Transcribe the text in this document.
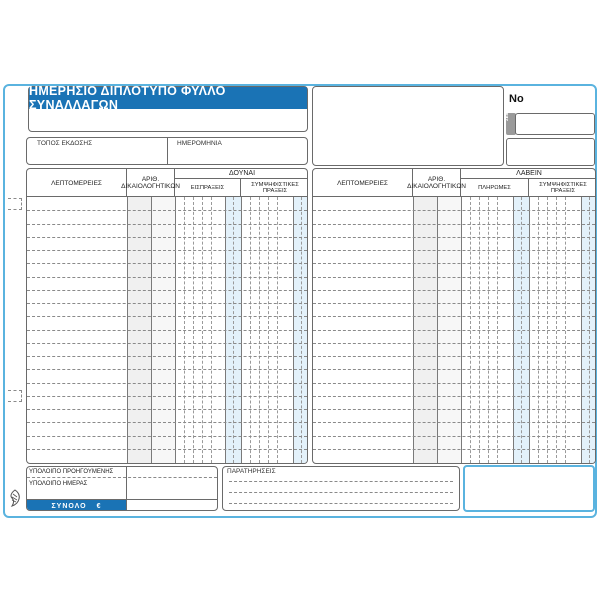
ΗΜΕΡΗΣΙΟ ΔΙΠΛΟΤΥΠΟ ΦΥΛΛΟ ΣΥΝΑΛΛΑΓΩΝ
ΤΟΠΟΣ ΕΚΔΟΣΗΣ	ΗΜΕΡΟΜΗΝΙΑ
No
ΣΕΙΡΑ
ΛΕΠΤΟΜΕΡΕΙΕΣ	ΑΡΙΘ. ΔΙΚΑΙΟΛΟΓΗΤΙΚΩΝ
ΔΟΥΝΑΙ
ΕΙΣΠΡΑΞΕΙΣ	ΣΥΜΨΗΦΙΣΤΙΚΕΣ ΠΡΑΞΕΙΣ
ΛΕΠΤΟΜΕΡΕΙΕΣ	ΑΡΙΘ. ΔΙΚΑΙΟΛΟΓΗΤΙΚΩΝ
ΛΑΒΕΙΝ
ΠΛΗΡΩΜΕΣ	ΣΥΜΨΗΦΙΣΤΙΚΕΣ ΠΡΑΞΕΙΣ
ΥΠΟΛΟΙΠΟ ΠΡΟΗΓΟΥΜΕΝΗΣ
ΥΠΟΛΟΙΠΟ ΗΜΕΡΑΣ
ΣΥΝΟΛΟ €
ΠΑΡΑΤΗΡΗΣΕΙΣ
